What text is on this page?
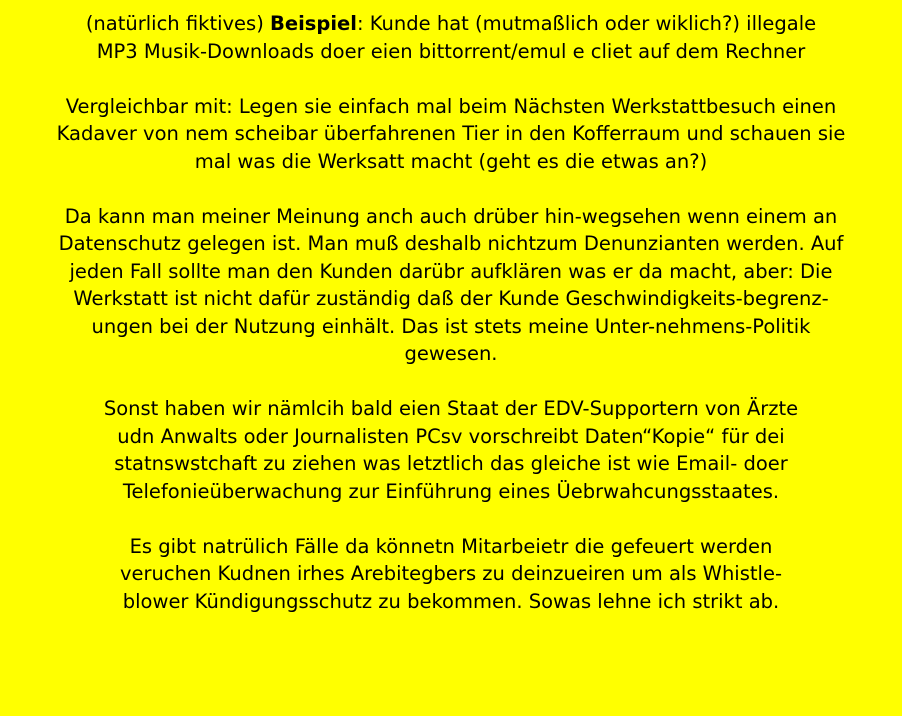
(natürlich fiktives) Beispiel: Kunde hat (mutmaßlich oder wiklich?) illegale
MP3 Musik-Downloads doer eien bittorrent/emul e cliet auf dem Rechner
Vergleichbar mit: Legen sie einfach mal beim Nächsten Werkstattbesuch einen
Kadaver von nem scheibar überfahrenen Tier in den Kofferraum und schauen sie
mal was die Werksatt macht (geht es die etwas an?)
Da kann man meiner Meinung anch auch drüber hin-wegsehen wenn einem an
Datenschutz gelegen ist. Man muß deshalb nichtzum Denunzianten werden. Auf
jeden Fall sollte man den Kunden darübr aufklären was er da macht, aber: Die
Werkstatt ist nicht dafür zuständig daß der Kunde Geschwindigkeits-begrenz-
ungen bei der Nutzung einhält. Das ist stets meine Unter-nehmens-Politik
gewesen.
Sonst haben wir nämlcih bald eien Staat der EDV-Supportern von Ärzte
udn Anwalts oder Journalisten PCsv vorschreibt Daten“Kopie“ für dei
statnswstchaft zu ziehen was letztlich das gleiche ist wie Email- doer
Telefonieüberwachung zur Einführung eines Üebrwahcungsstaates.
Es gibt natrülich Fälle da könnetn Mitarbeietr die gefeuert werden
veruchen Kudnen irhes Arebitegbers zu deinzueiren um als Whistle-
blower Kündigungsschutz zu bekommen. Sowas lehne ich strikt ab.
